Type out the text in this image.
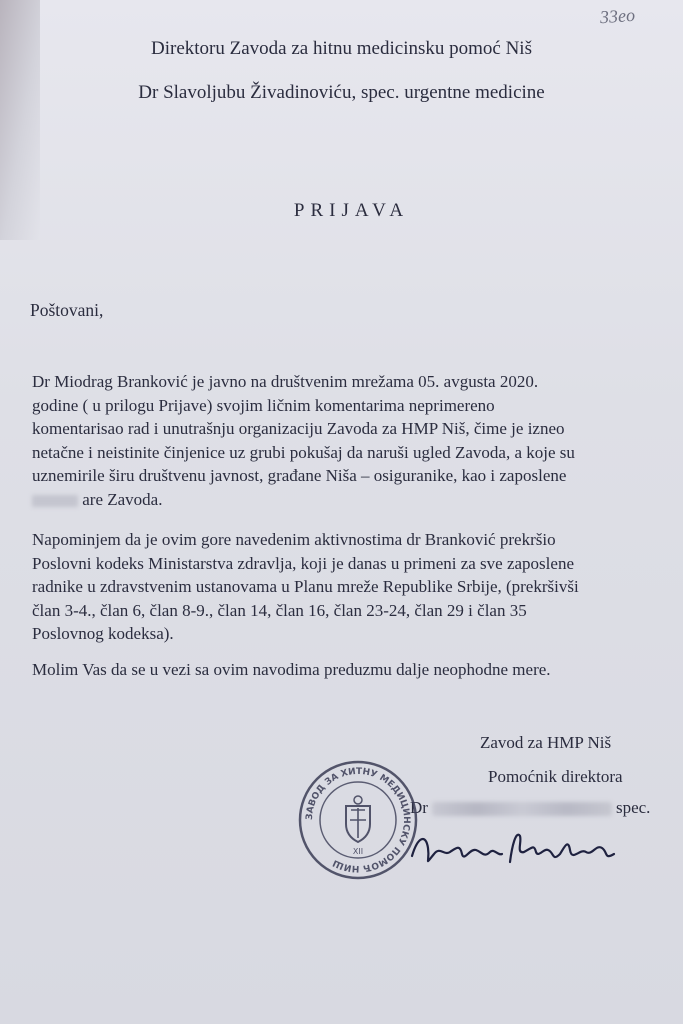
33eo
Direktoru Zavoda za hitnu medicinsku pomoć Niš
Dr Slavoljubu Živadinoviću, spec. urgentne medicine
PRIJAVA
Poštovani,

Dr Miodrag Branković je javno na društvenim mrežama 05. avgusta 2020.

godine ( u prilogu Prijave) svojim ličnim komentarima neprimereno

komentarisao rad i unutrašnju organizaciju Zavoda za HMP Niš, čime je izneo

netačne i neistinite činjenice uz grubi pokušaj da naruši ugled Zavoda, a koje su

uznemirile širu društvenu javnost, građane Niša – osiguranike, kao i zaposlene

are Zavoda.

Napominjem da je ovim gore navedenim aktivnostima dr Branković prekršio

Poslovni kodeks Ministarstva zdravlja, koji je danas u primeni za sve zaposlene

radnike u zdravstvenim ustanovama u Planu mreže Republike Srbije, (prekršivši

član 3-4., član 6, član 8-9., član 14, član 16, član 23-24, član 29 i član 35

Poslovnog kodeksa).

Molim Vas da se u vezi sa ovim navodima preduzmu dalje neophodne mere.

Zavod za HMP Niš
Pomoćnik direktora
Dr	spec.
ЗАВОД ЗА ХИТНУ МЕДИЦИНСКУ ПОМОЋ НИШ
XII
